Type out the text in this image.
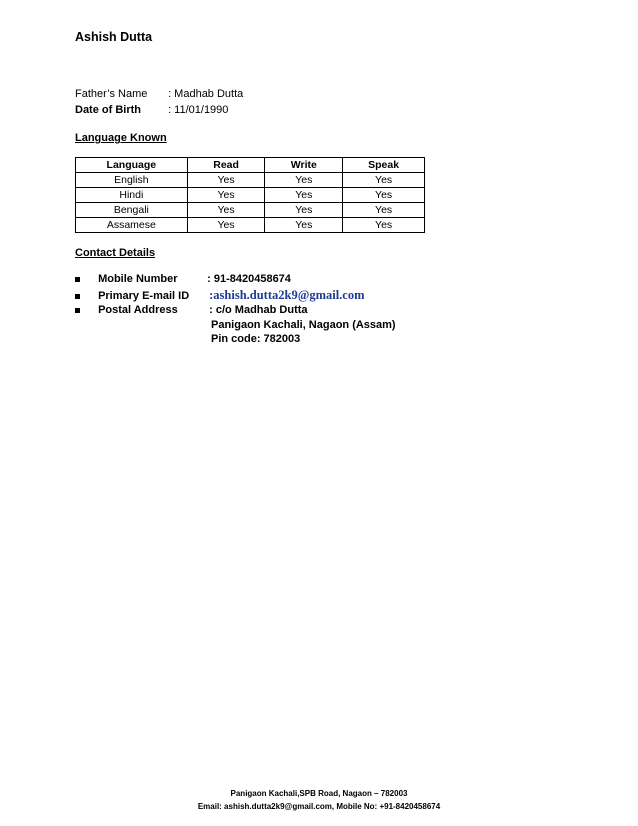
Ashish Dutta
Father’s Name : Madhab Dutta
Date of Birth : 11/01/1990
Language Known
Language	Read	Write	Speak
English	Yes	Yes	Yes
Hindi	Yes	Yes	Yes
Bengali	Yes	Yes	Yes
Assamese	Yes	Yes	Yes
Contact Details
Mobile Number	: 91-8420458674
Primary E-mail ID :ashish.dutta2k9@gmail.com
Postal Address	: c/o Madhab Dutta
Panigaon Kachali, Nagaon (Assam)
Pin code: 782003
Panigaon Kachali,SPB Road, Nagaon – 782003
Email: ashish.dutta2k9@gmail.com, Mobile No: +91-8420458674
